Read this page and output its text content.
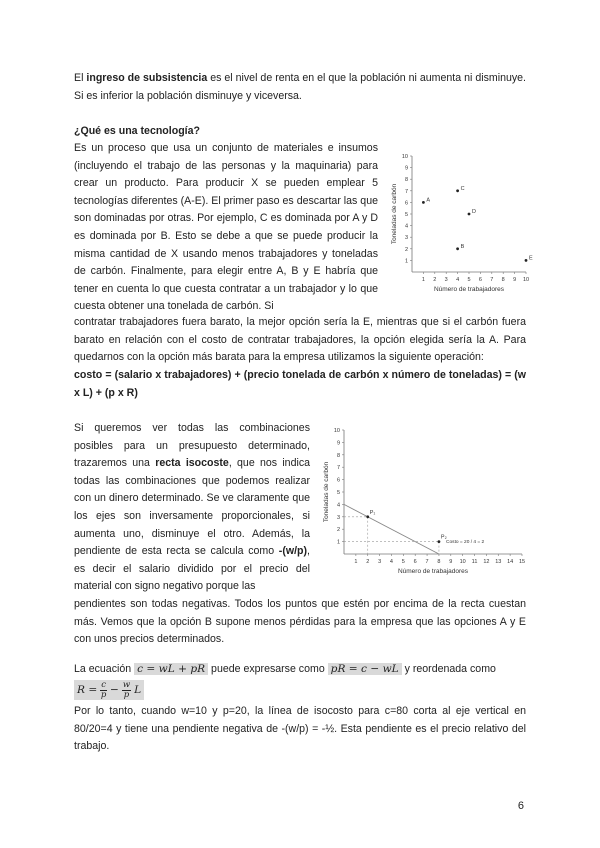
El ingreso de subsistencia es el nivel de renta en el que la población ni aumenta ni disminuye. Si es inferior la población disminuye y viceversa.

¿Qué es una tecnología?

Es un proceso que usa un conjunto de materiales e insumos (incluyendo el trabajo de las personas y la maquinaria) para crear un producto. Para producir X se pueden emplear 5 tecnologías diferentes (A-E). El primer paso es descartar las que son dominadas por otras. Por ejemplo, C es dominada por A y D es dominada por B. Esto se debe a que se puede producir la misma cantidad de X usando menos trabajadores y toneladas de carbón. Finalmente, para elegir entre A, B y E habría que tener en cuenta lo que cuesta contratar a un trabajador y lo que cuesta obtener una tonelada de carbón. Si

1 2 3 4 5 6 7 8 9 10
1
2
3
4
5
6
7
8
9
10
Número de trabajadores
Toneladas de carbón	A
C
D
B
E

contratar trabajadores fuera barato, la mejor opción sería la E, mientras que si el carbón fuera barato en relación con el costo de contratar trabajadores, la opción elegida sería la A. Para quedarnos con la opción más barata para la empresa utilizamos la siguiente operación:

costo = (salario x trabajadores) + (precio tonelada de carbón x número de toneladas) = (w x L) + (p x R)

Si queremos ver todas las combinaciones posibles para un presupuesto determinado, trazaremos una recta isocoste, que nos indica todas las combinaciones que podemos realizar con un dinero determinado. Se ve claramente que los ejes son inversamente proporcionales, si aumenta uno, disminuye el otro. Además, la pendiente de esta recta se calcula como -(w/p), es decir el salario dividido por el precio del material con signo negativo porque las

1 2 3 4 5 6 7 8 9 10 11 12 13 14 15
1
2
3
4
5
6
7
8
9
10
Número de trabajadores
Toneladas de carbón	P₁
P₂
Costo = 20 / 4 = 2

pendientes son todas negativas. Todos los puntos que estén por encima de la recta cuestan más. Vemos que la opción B supone menos pérdidas para la empresa que las opciones A y E con unos precios determinados.

La ecuación c = wL + pR puede expresarse como pR = c − wL y reordenada como

$R = \frac{c}{p} - \frac{w}{p}$ L

Por lo tanto, cuando w=10 y p=20, la línea de isocosto para c=80 corta al eje vertical en 80/20=4 y tiene una pendiente negativa de -(w/p) = -½. Esta pendiente es el precio relativo del trabajo.

6
